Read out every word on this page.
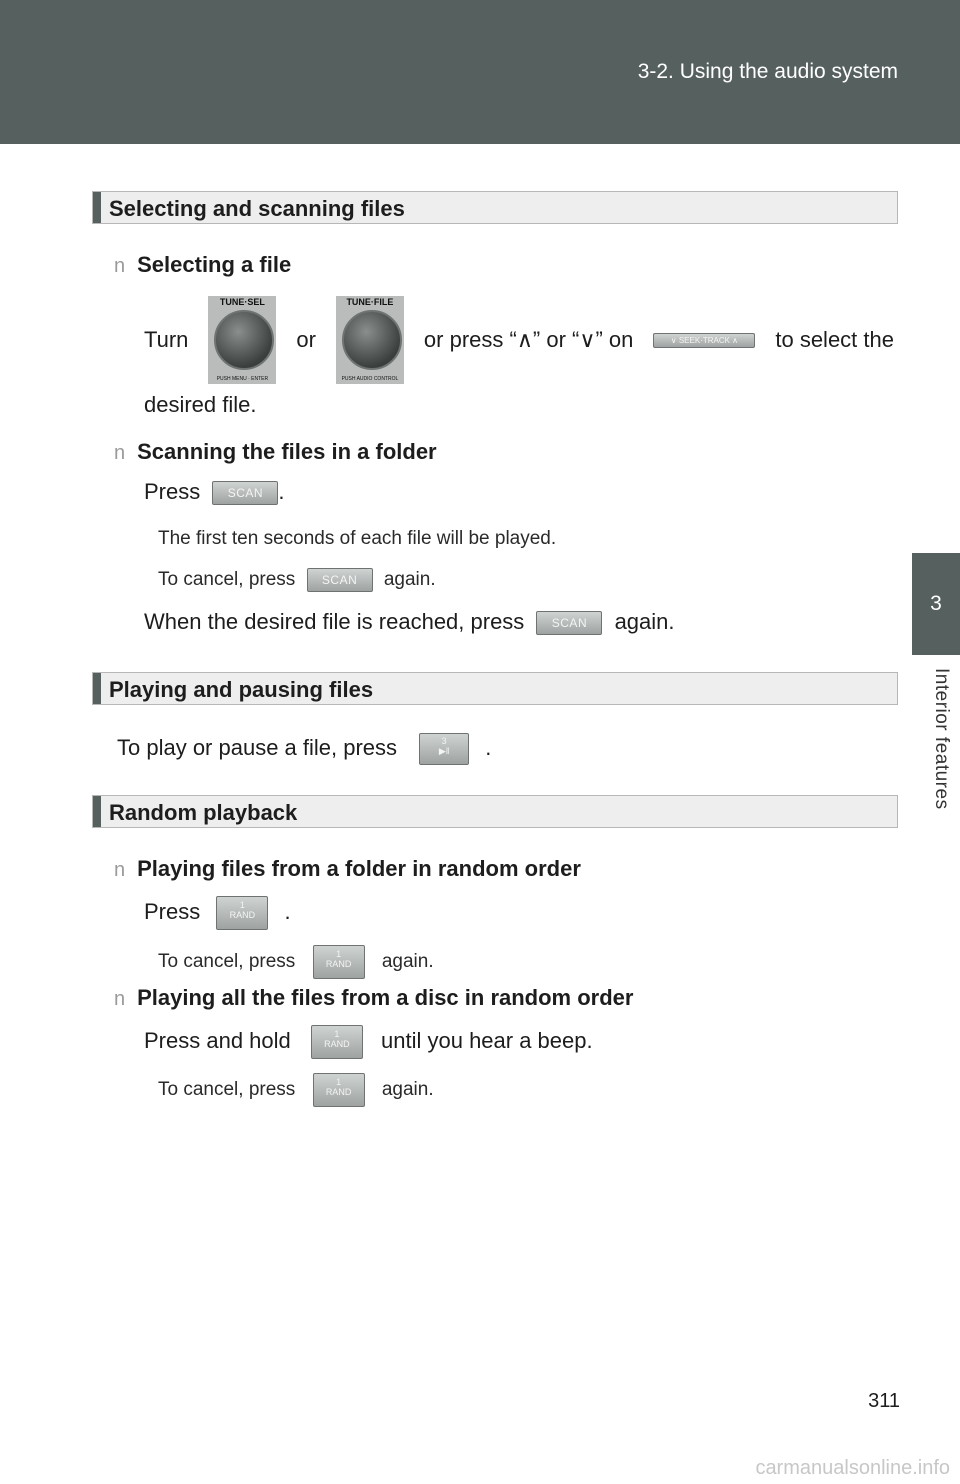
3-2. Using the audio system
3
Interior features
Selecting and scanning files
n Selecting a file
Turn
TUNE·SEL
PUSH MENU · ENTER
or
TUNE·FILE
PUSH AUDIO CONTROL
or press “∧” or “∨” on	∨ SEEK·TRACK ∧	to select the
desired file.
n Scanning the files in a folder
Press SCAN .
The first ten seconds of each file will be played.
To cancel, press SCAN again.
When the desired file is reached, press SCAN again.
Playing and pausing files
To play or pause a file, press	3
▶‖ .
Random playback
n Playing files from a folder in random order
Press	1
RAND .
To cancel, press	1
RAND again.
n Playing all the files from a disc in random order
Press and hold	1
RAND until you hear a beep.
To cancel, press	1
RAND again.
311
carmanualsonline.info
